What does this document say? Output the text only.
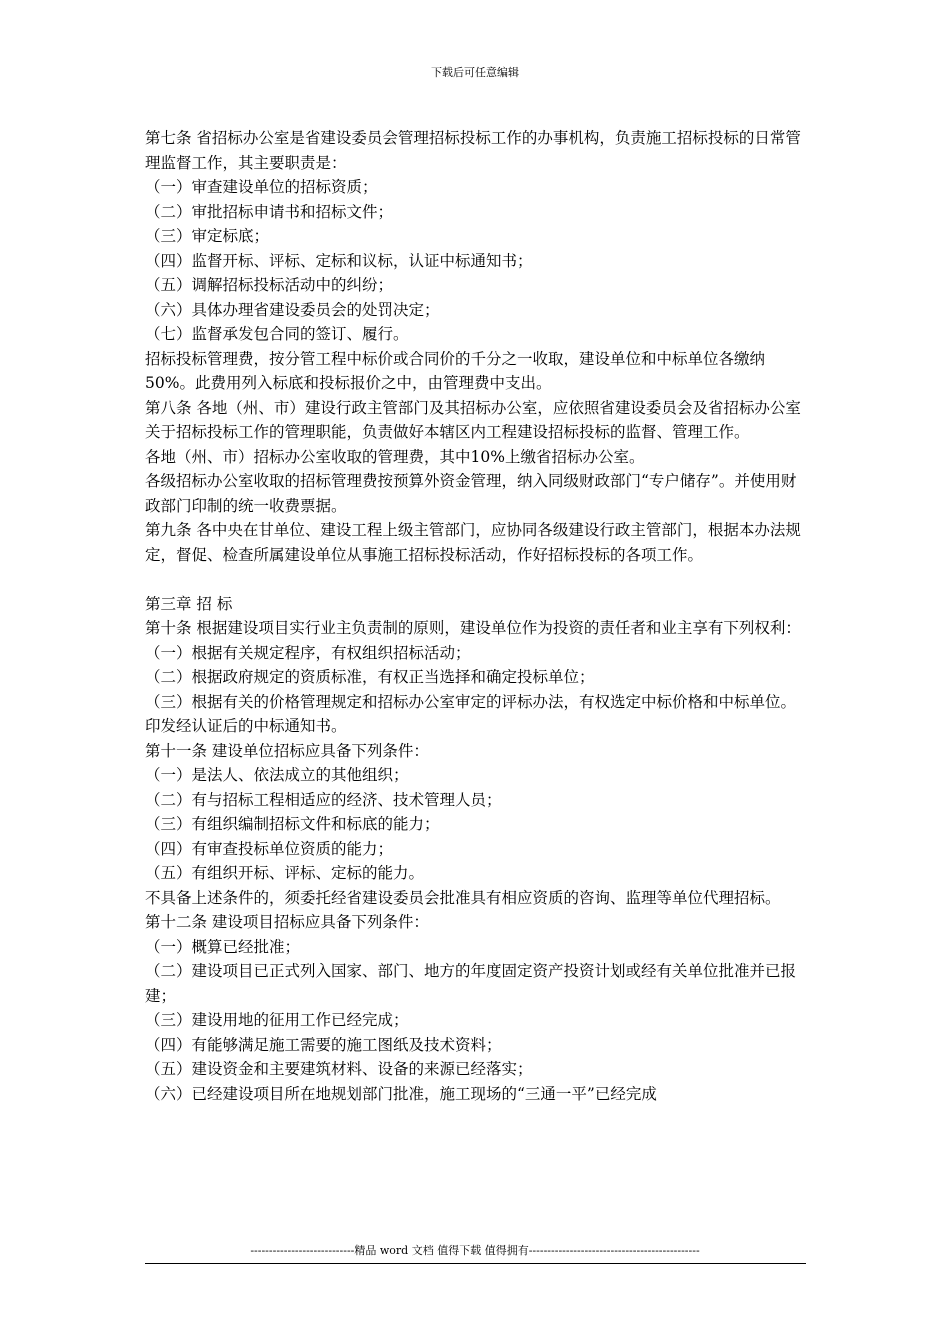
下载后可任意编辑

第七条 省招标办公室是省建设委员会管理招标投标工作的办事机构，负责施工招标投标的日常管理监督工作，其主要职责是：

（一）审查建设单位的招标资质；

（二）审批招标申请书和招标文件；

（三）审定标底；

（四）监督开标、评标、定标和议标，认证中标通知书；

（五）调解招标投标活动中的纠纷；

（六）具体办理省建设委员会的处罚决定；

（七）监督承发包合同的签订、履行。

招标投标管理费，按分管工程中标价或合同价的千分之一收取，建设单位和中标单位各缴纳50%。此费用列入标底和投标报价之中，由管理费中支出。

第八条 各地（州、市）建设行政主管部门及其招标办公室，应依照省建设委员会及省招标办公室关于招标投标工作的管理职能，负责做好本辖区内工程建设招标投标的监督、管理工作。

各地（州、市）招标办公室收取的管理费，其中10%上缴省招标办公室。

各级招标办公室收取的招标管理费按预算外资金管理，纳入同级财政部门“专户储存”。并使用财政部门印制的统一收费票据。

第九条 各中央在甘单位、建设工程上级主管部门，应协同各级建设行政主管部门，根据本办法规定，督促、检查所属建设单位从事施工招标投标活动，作好招标投标的各项工作。

第三章 招 标

第十条 根据建设项目实行业主负责制的原则，建设单位作为投资的责任者和业主享有下列权利：

（一）根据有关规定程序，有权组织招标活动；

（二）根据政府规定的资质标准，有权正当选择和确定投标单位；

（三）根据有关的价格管理规定和招标办公室审定的评标办法，有权选定中标价格和中标单位。印发经认证后的中标通知书。

第十一条 建设单位招标应具备下列条件：

（一）是法人、依法成立的其他组织；

（二）有与招标工程相适应的经济、技术管理人员；

（三）有组织编制招标文件和标底的能力；

（四）有审查投标单位资质的能力；

（五）有组织开标、评标、定标的能力。

不具备上述条件的，须委托经省建设委员会批准具有相应资质的咨询、监理等单位代理招标。

第十二条 建设项目招标应具备下列条件：

（一）概算已经批准；

（二）建设项目已正式列入国家、部门、地方的年度固定资产投资计划或经有关单位批准并已报建；

（三）建设用地的征用工作已经完成；

（四）有能够满足施工需要的施工图纸及技术资料；

（五）建设资金和主要建筑材料、设备的来源已经落实；

（六）已经建设项目所在地规划部门批准，施工现场的“三通一平”已经完成

----------------------------精品 word 文档 值得下载 值得拥有----------------------------------------------
